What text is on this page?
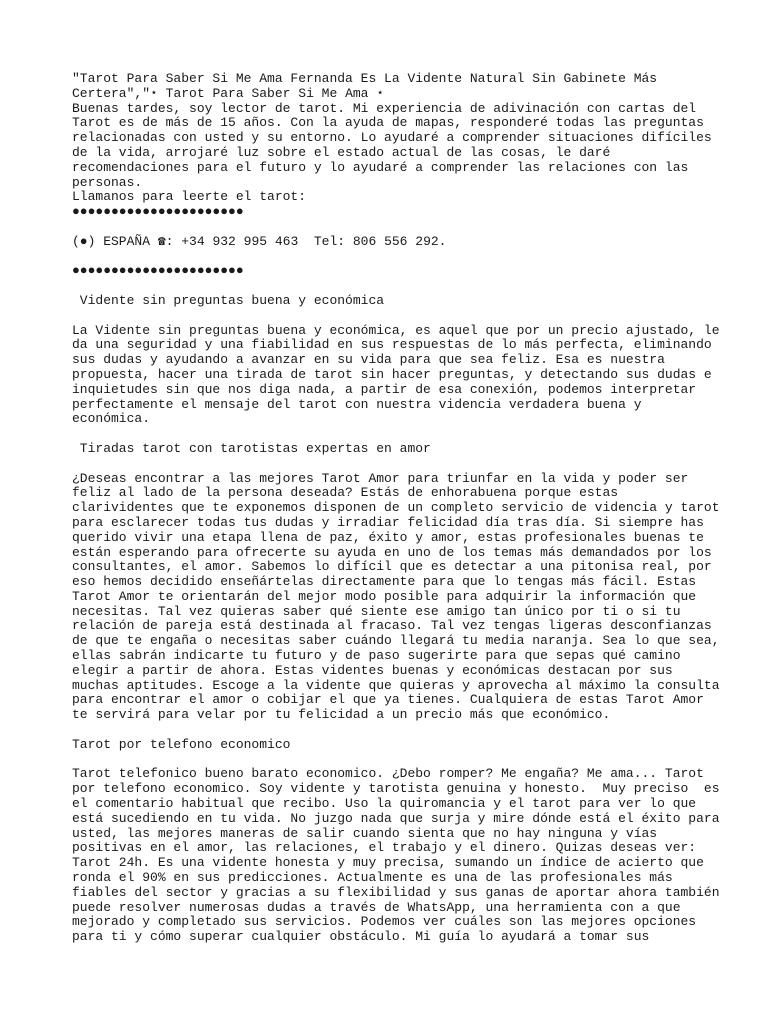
"Tarot Para Saber Si Me Ama Fernanda Es La Vidente Natural Sin Gabinete Más
Certera","⋆ Tarot Para Saber Si Me Ama ⋆
Buenas tardes, soy lector de tarot. Mi experiencia de adivinación con cartas del
Tarot es de más de 15 años. Con la ayuda de mapas, responderé todas las preguntas
relacionadas con usted y su entorno. Lo ayudaré a comprender situaciones difíciles
de la vida, arrojaré luz sobre el estado actual de las cosas, le daré
recomendaciones para el futuro y lo ayudaré a comprender las relaciones con las
personas.
Llamanos para leerte el tarot:
●●●●●●●●●●●●●●●●●●●●●●
(●) ESPAÑA ☎: +34 932 995 463  Tel: 806 556 292.
●●●●●●●●●●●●●●●●●●●●●●
Vidente sin preguntas buena y económica
La Vidente sin preguntas buena y económica, es aquel que por un precio ajustado, le
da una seguridad y una fiabilidad en sus respuestas de lo más perfecta, eliminando
sus dudas y ayudando a avanzar en su vida para que sea feliz. Esa es nuestra
propuesta, hacer una tirada de tarot sin hacer preguntas, y detectando sus dudas e
inquietudes sin que nos diga nada, a partir de esa conexión, podemos interpretar
perfectamente el mensaje del tarot con nuestra videncia verdadera buena y
económica.
Tiradas tarot con tarotistas expertas en amor
¿Deseas encontrar a las mejores Tarot Amor para triunfar en la vida y poder ser
feliz al lado de la persona deseada? Estás de enhorabuena porque estas
clarividentes que te exponemos disponen de un completo servicio de videncia y tarot
para esclarecer todas tus dudas y irradiar felicidad día tras día. Si siempre has
querido vivir una etapa llena de paz, éxito y amor, estas profesionales buenas te
están esperando para ofrecerte su ayuda en uno de los temas más demandados por los
consultantes, el amor. Sabemos lo difícil que es detectar a una pitonisa real, por
eso hemos decidido enseñártelas directamente para que lo tengas más fácil. Estas
Tarot Amor te orientarán del mejor modo posible para adquirir la información que
necesitas. Tal vez quieras saber qué siente ese amigo tan único por ti o si tu
relación de pareja está destinada al fracaso. Tal vez tengas ligeras desconfianzas
de que te engaña o necesitas saber cuándo llegará tu media naranja. Sea lo que sea,
ellas sabrán indicarte tu futuro y de paso sugerirte para que sepas qué camino
elegir a partir de ahora. Estas videntes buenas y económicas destacan por sus
muchas aptitudes. Escoge a la vidente que quieras y aprovecha al máximo la consulta
para encontrar el amor o cobijar el que ya tienes. Cualquiera de estas Tarot Amor
te servirá para velar por tu felicidad a un precio más que económico.
Tarot por telefono economico
Tarot telefonico bueno barato economico. ¿Debo romper? Me engaña? Me ama... Tarot
por telefono economico. Soy vidente y tarotista genuina y honesto.  Muy preciso  es
el comentario habitual que recibo. Uso la quiromancia y el tarot para ver lo que
está sucediendo en tu vida. No juzgo nada que surja y mire dónde está el éxito para
usted, las mejores maneras de salir cuando sienta que no hay ninguna y vías
positivas en el amor, las relaciones, el trabajo y el dinero. Quizas deseas ver:
Tarot 24h. Es una vidente honesta y muy precisa, sumando un índice de acierto que
ronda el 90% en sus predicciones. Actualmente es una de las profesionales más
fiables del sector y gracias a su flexibilidad y sus ganas de aportar ahora también
puede resolver numerosas dudas a través de WhatsApp, una herramienta con a que
mejorado y completado sus servicios. Podemos ver cuáles son las mejores opciones
para ti y cómo superar cualquier obstáculo. Mi guía lo ayudará a tomar sus
